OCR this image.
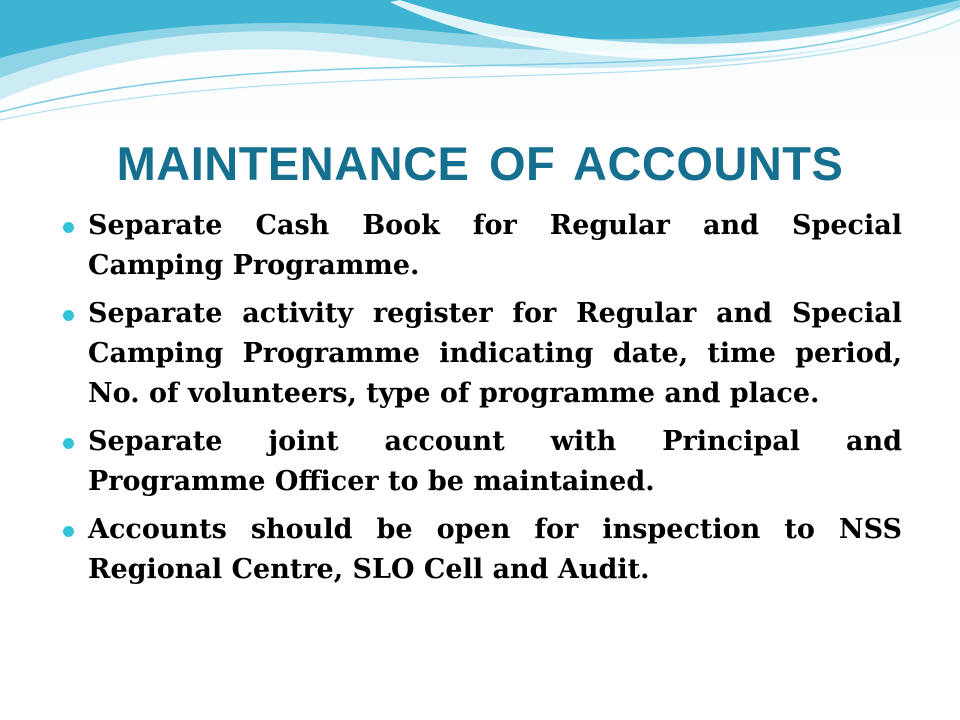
MAINTENANCE OF ACCOUNTS
Separate Cash Book for Regular and Special Camping Programme.
Separate activity register for Regular and Special Camping Programme indicating date, time period, No. of volunteers, type of programme and place.
Separate joint account with Principal and Programme Officer to be maintained.
Accounts should be open for inspection to NSS Regional Centre, SLO Cell and Audit.
